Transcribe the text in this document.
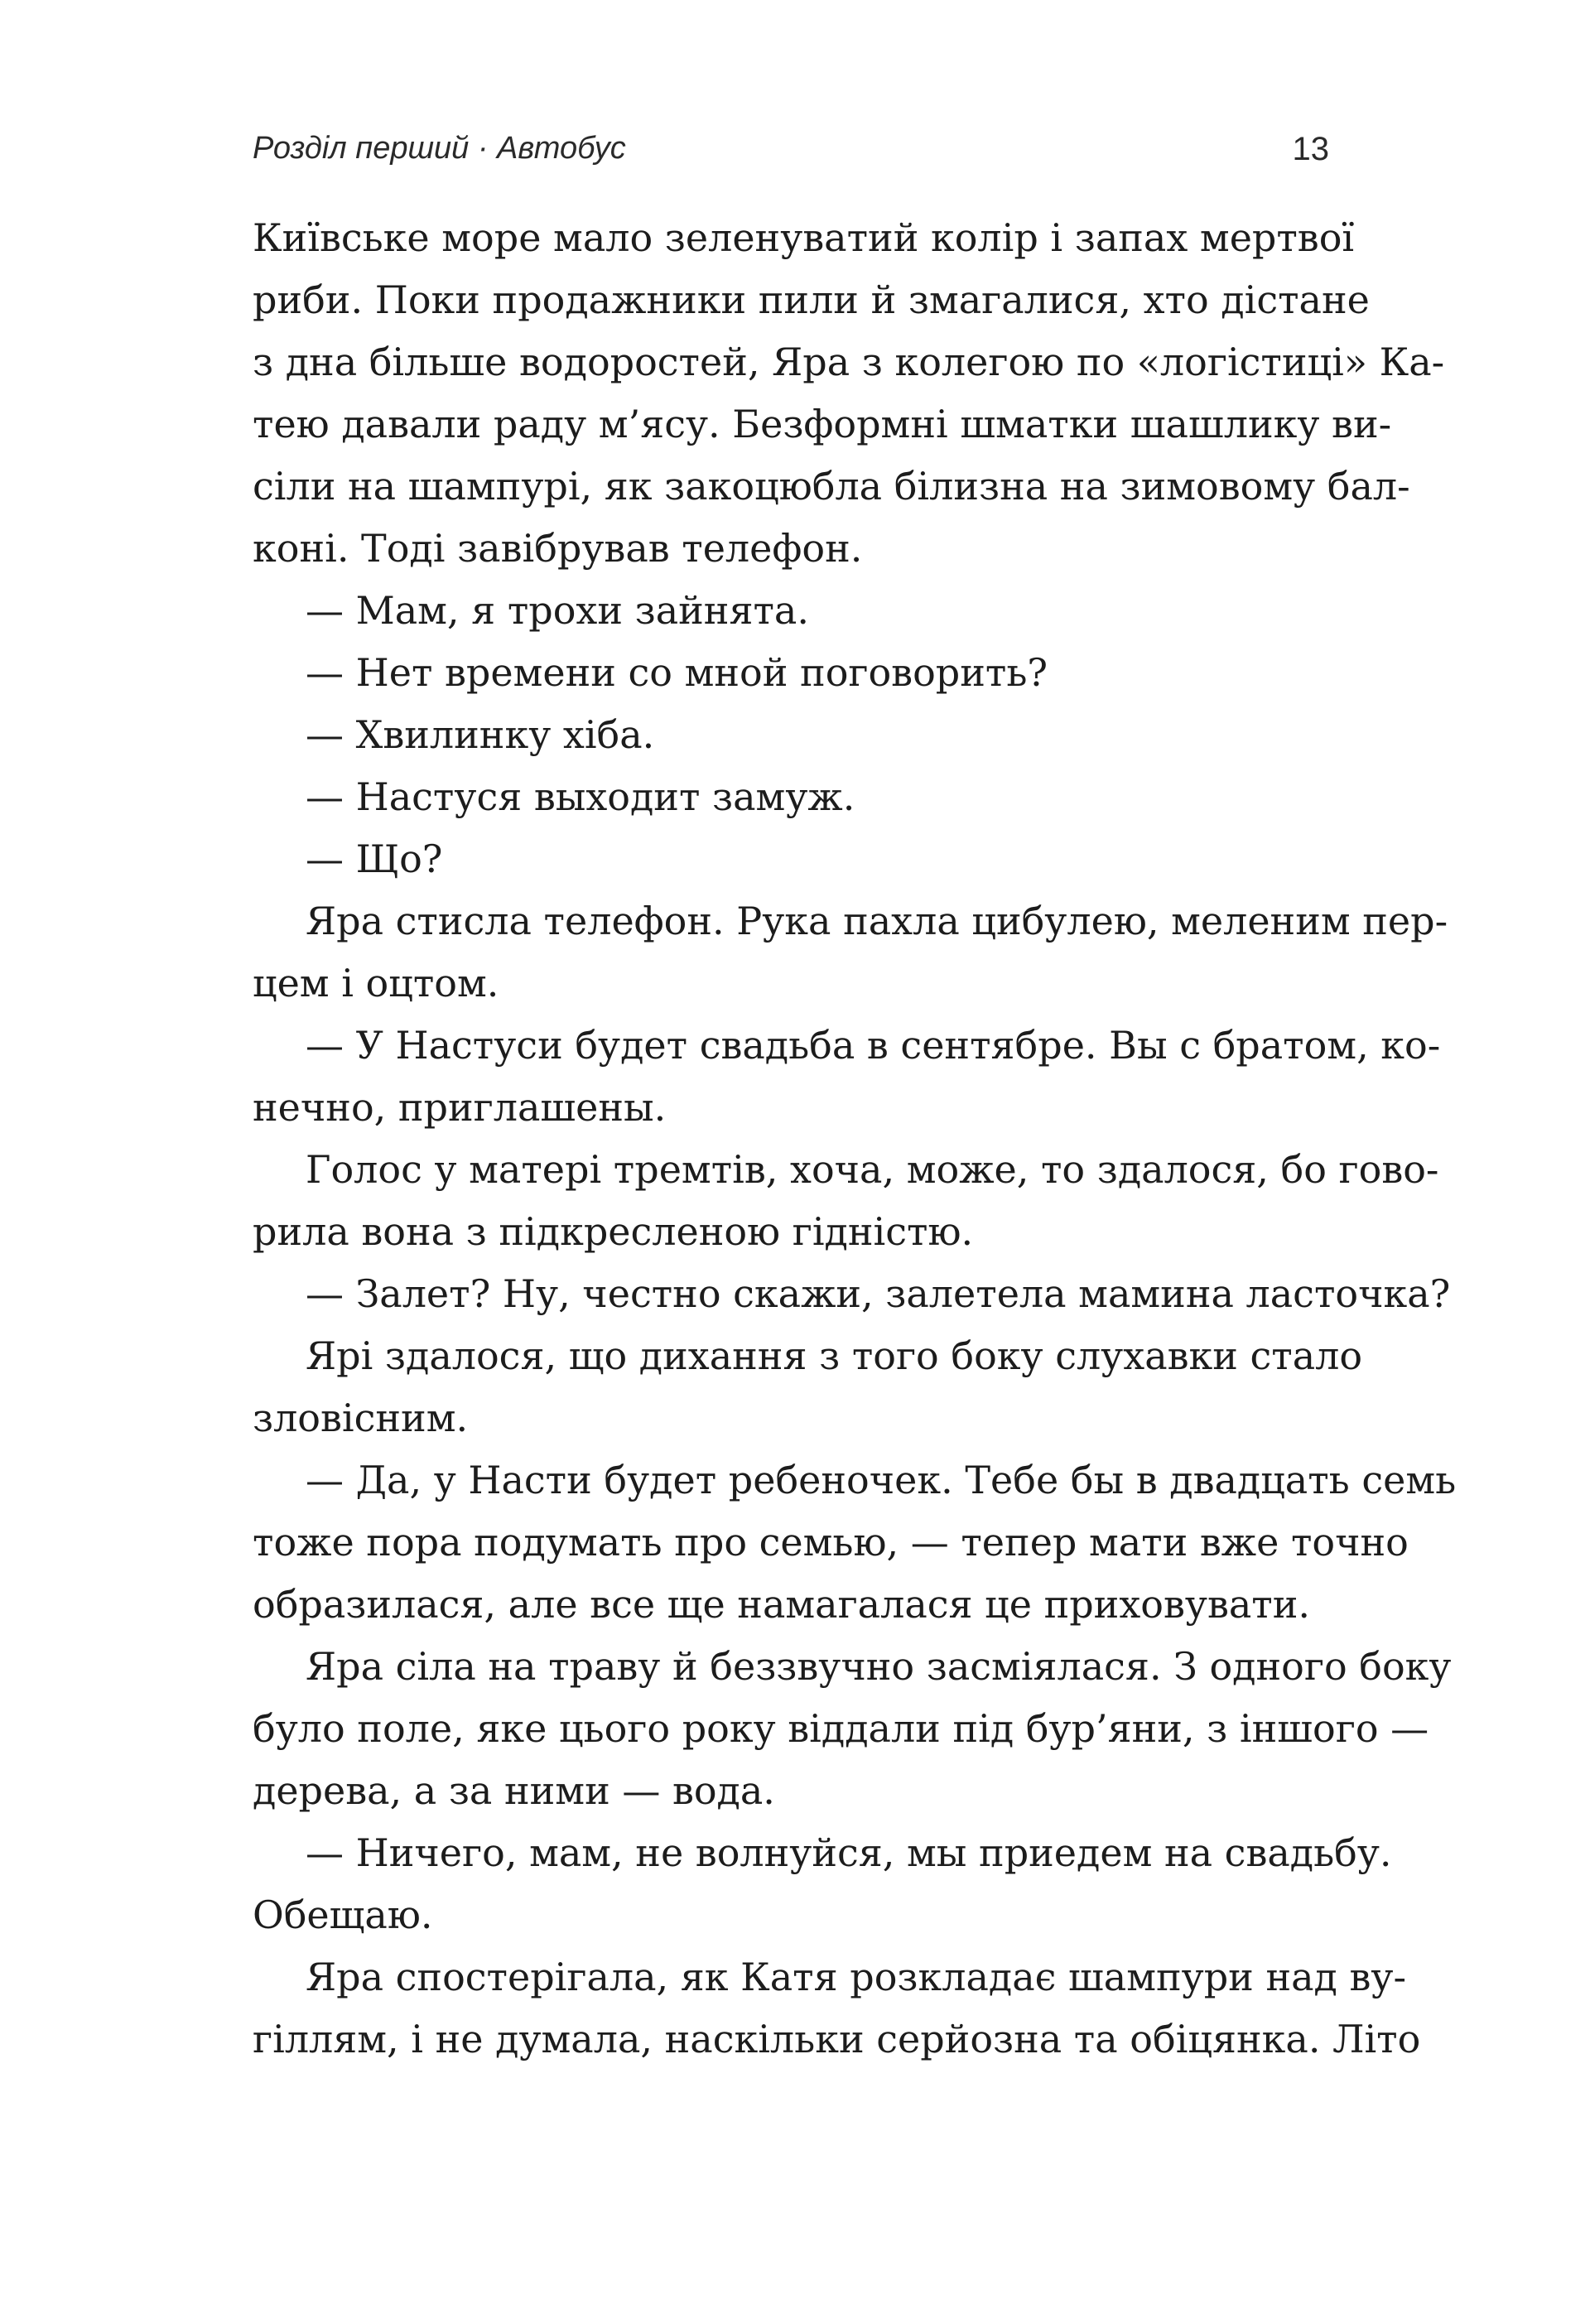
Розділ перший · Автобус	13
Київське море мало зеленуватий колір і запах мертвої
риби. Поки продажники пили й змагалися, хто дістане
з дна більше водоростей, Яра з колегою по «логістиці» Ка-
тею давали раду м’ясу. Безформні шматки шашлику ви-
сіли на шампурі, як закоцюбла білизна на зимовому бал-
коні. Тоді завібрував телефон.
— Мам, я трохи зайнята.
— Нет времени со мной поговорить?
— Хвилинку хіба.
— Настуся выходит замуж.
— Що?
Яра стисла телефон. Рука пахла цибулею, меленим пер-
цем і оцтом.
— У Настуси будет свадьба в сентябре. Вы с братом, ко-
нечно, приглашены.
Голос у матері тремтів, хоча, може, то здалося, бо гово-
рила вона з підкресленою гідністю.
— Залет? Ну, честно скажи, залетела мамина ласточка?
Ярі здалося, що дихання з того боку слухавки стало
зловісним.
— Да, у Насти будет ребеночек. Тебе бы в двадцать семь
тоже пора подумать про семью, — тепер мати вже точно
образилася, але все ще намагалася це приховувати.
Яра сіла на траву й беззвучно засміялася. З одного боку
було поле, яке цього року віддали під бур’яни, з іншого —
дерева, а за ними — вода.
— Ничего, мам, не волнуйся, мы приедем на свадьбу.
Обещаю.
Яра спостерігала, як Катя розкладає шампури над ву-
гіллям, і не думала, наскільки серйозна та обіцянка. Літо
